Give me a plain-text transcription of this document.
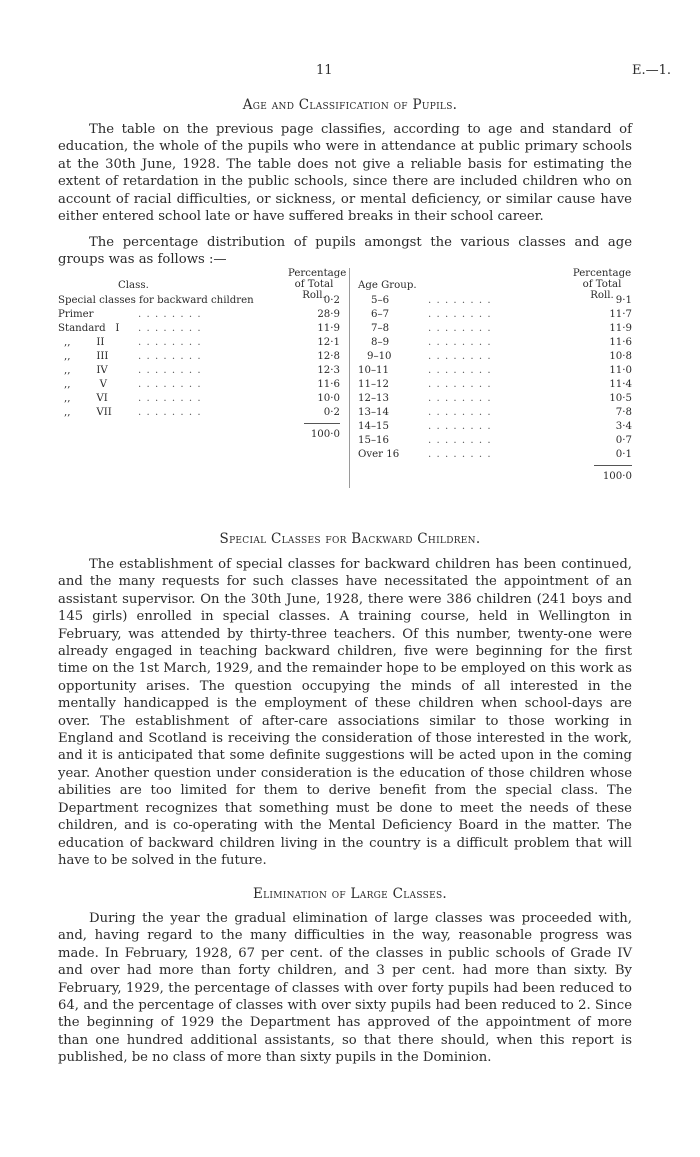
11	E.—1.
Age and Classification of Pupils.

The table on the previous page classifies, according to age and standard of education, the whole of the pupils who were in attendance at public primary schools at the 30th June, 1928. The table does not give a reliable basis for estimating the extent of retardation in the public schools, since there are included children who on account of racial difficulties, or sickness, or mental deficiency, or similar cause have either entered school late or have suffered breaks in their school career.

The percentage distribution of pupils amongst the various classes and age groups was as follows :—

Percentage of Total Roll.
Class.	Age Group.
Percentage of Total Roll.
Special classes for backward children	0·2
Primer	. . . . . . . .	28·9
Standard   I . . . . . . . .	11·9
,,        II	. . . . . . . .	12·1
,,        III	. . . . . . . .	12·8
,,        IV	. . . . . . . .	12·3
,,         V	. . . . . . . .	11·6
,,        VI	. . . . . . . .	10·0
,,        VII	. . . . . . . .	0·2
100·0
5–6	. . . . . . . .	9·1
6–7	. . . . . . . .	11·7
7–8	. . . . . . . .	11·9
8–9	. . . . . . . .	11·6
9–10	. . . . . . . .	10·8
10–11	. . . . . . . .	11·0
11–12	. . . . . . . .	11·4
12–13	. . . . . . . .	10·5
13–14	. . . . . . . .	7·8
14–15	. . . . . . . .	3·4
15–16	. . . . . . . .	0·7
Over 16	. . . . . . . .	0·1
100·0
Special Classes for Backward Children.

The establishment of special classes for backward children has been continued, and the many requests for such classes have necessitated the appointment of an assistant supervisor. On the 30th June, 1928, there were 386 children (241 boys and 145 girls) enrolled in special classes. A training course, held in Wellington in February, was attended by thirty-three teachers. Of this number, twenty-one were already engaged in teaching backward children, five were beginning for the first time on the 1st March, 1929, and the remainder hope to be employed on this work as opportunity arises. The question occupying the minds of all interested in the mentally handicapped is the employment of these children when school-days are over. The establishment of after-care associations similar to those working in England and Scotland is receiving the consideration of those interested in the work, and it is anticipated that some definite suggestions will be acted upon in the coming year. Another question under consideration is the education of those children whose abilities are too limited for them to derive benefit from the special class. The Department recognizes that something must be done to meet the needs of these children, and is co-operating with the Mental Deficiency Board in the matter. The education of backward children living in the country is a difficult problem that will have to be solved in the future.

Elimination of Large Classes.

During the year the gradual elimination of large classes was proceeded with, and, having regard to the many difficulties in the way, reasonable progress was made. In February, 1928, 67 per cent. of the classes in public schools of Grade IV and over had more than forty children, and 3 per cent. had more than sixty. By February, 1929, the percentage of classes with over forty pupils had been reduced to 64, and the percentage of classes with over sixty pupils had been reduced to 2. Since the beginning of 1929 the Department has approved of the appointment of more than one hundred additional assistants, so that there should, when this report is published, be no class of more than sixty pupils in the Dominion.
